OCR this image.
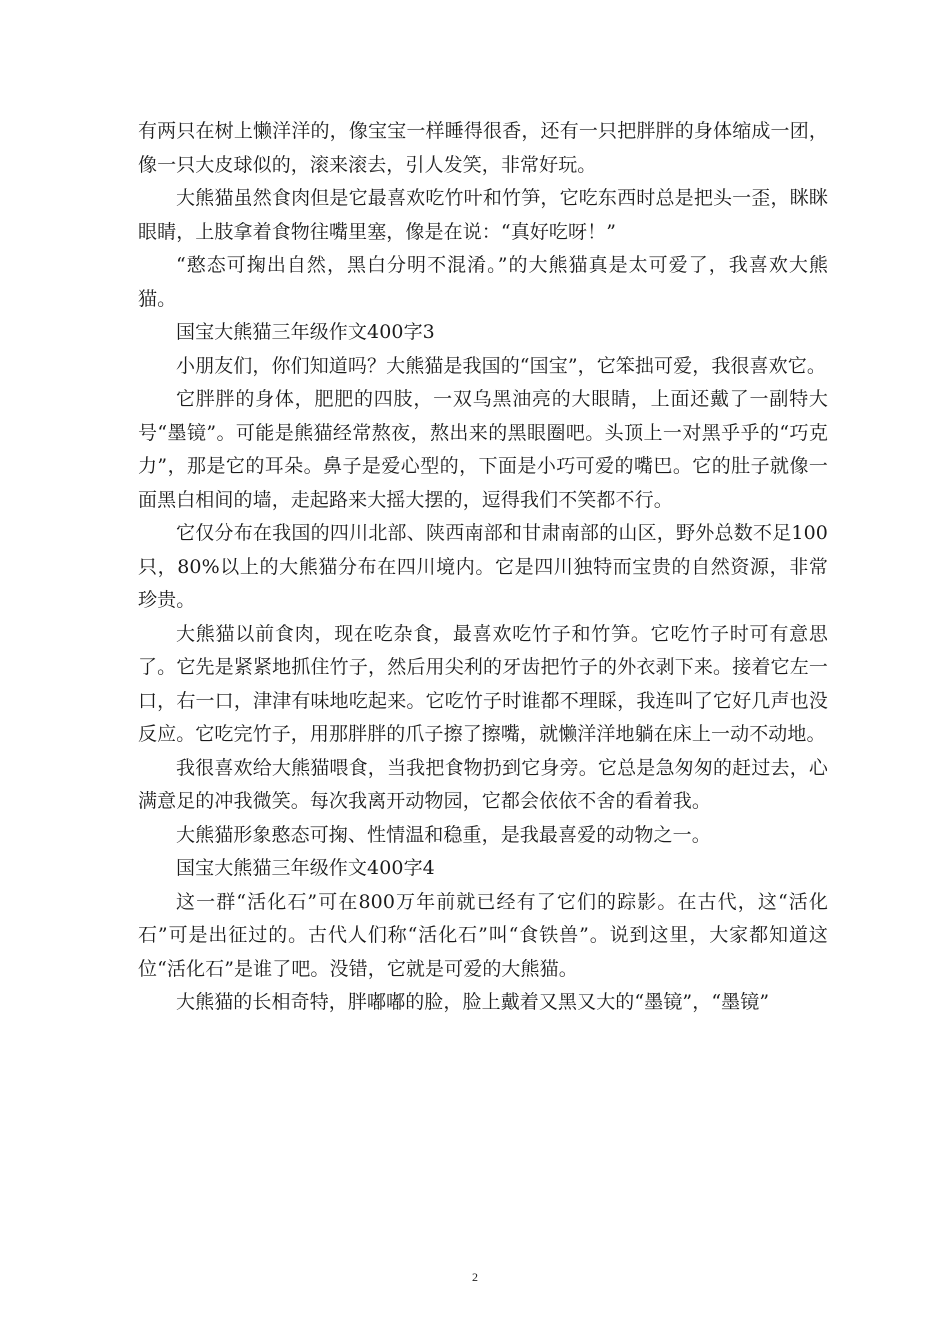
有两只在树上懒洋洋的，像宝宝一样睡得很香，还有一只把胖胖的身体缩成一团，像一只大皮球似的，滚来滚去，引人发笑，非常好玩。

大熊猫虽然食肉但是它最喜欢吃竹叶和竹笋，它吃东西时总是把头一歪，眯眯眼睛，上肢拿着食物往嘴里塞，像是在说：“真好吃呀！”

“憨态可掬出自然，黑白分明不混淆。”的大熊猫真是太可爱了，我喜欢大熊猫。

国宝大熊猫三年级作文400字3

小朋友们，你们知道吗？大熊猫是我国的“国宝”，它笨拙可爱，我很喜欢它。

它胖胖的身体，肥肥的四肢，一双乌黑油亮的大眼睛，上面还戴了一副特大号“墨镜”。可能是熊猫经常熬夜，熬出来的黑眼圈吧。头顶上一对黑乎乎的“巧克力”，那是它的耳朵。鼻子是爱心型的，下面是小巧可爱的嘴巴。它的肚子就像一面黑白相间的墙，走起路来大摇大摆的，逗得我们不笑都不行。

它仅分布在我国的四川北部、陕西南部和甘肃南部的山区，野外总数不足100只，80%以上的大熊猫分布在四川境内。它是四川独特而宝贵的自然资源，非常珍贵。

大熊猫以前食肉，现在吃杂食，最喜欢吃竹子和竹笋。它吃竹子时可有意思了。它先是紧紧地抓住竹子，然后用尖利的牙齿把竹子的外衣剥下来。接着它左一口，右一口，津津有味地吃起来。它吃竹子时谁都不理睬，我连叫了它好几声也没反应。它吃完竹子，用那胖胖的爪子擦了擦嘴，就懒洋洋地躺在床上一动不动地。

我很喜欢给大熊猫喂食，当我把食物扔到它身旁。它总是急匆匆的赶过去，心满意足的冲我微笑。每次我离开动物园，它都会依依不舍的看着我。

大熊猫形象憨态可掬、性情温和稳重，是我最喜爱的动物之一。

国宝大熊猫三年级作文400字4

这一群“活化石”可在800万年前就已经有了它们的踪影。在古代，这“活化石”可是出征过的。古代人们称“活化石”叫“食铁兽”。说到这里，大家都知道这位“活化石”是谁了吧。没错，它就是可爱的大熊猫。

大熊猫的长相奇特，胖嘟嘟的脸，脸上戴着又黑又大的“墨镜”，“墨镜”

2
